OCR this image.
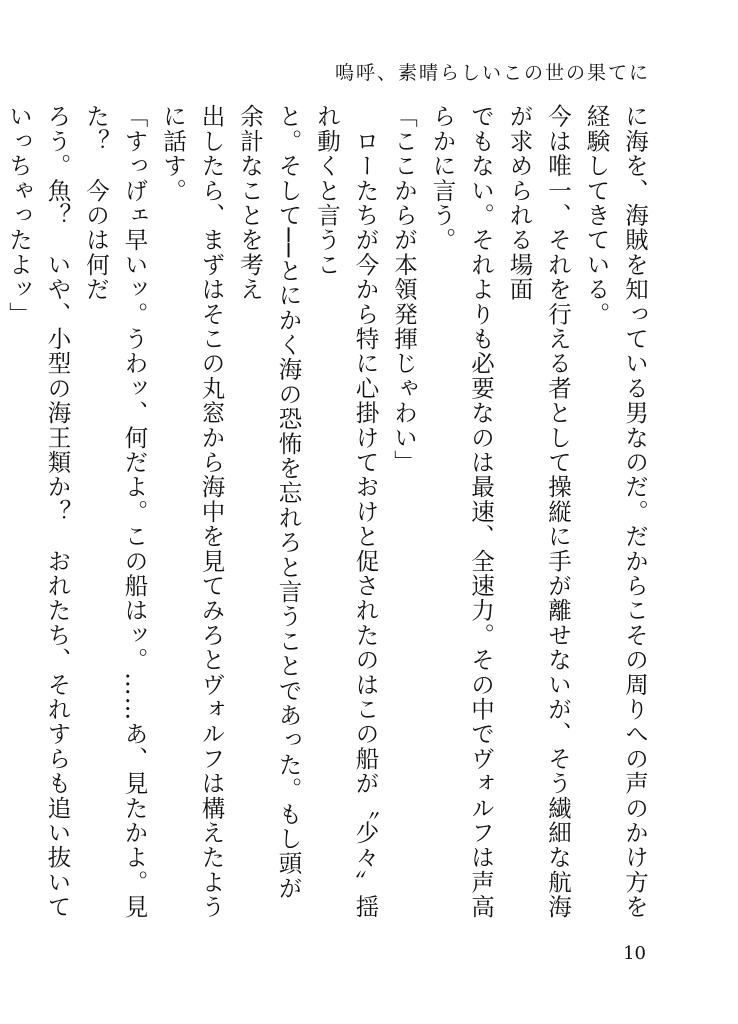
嗚呼、素晴らしいこの世の果てに

に海を、海賊を知っている男なのだ。だからこその周りへの声のかけ方を経験してきている。
今は唯一、それを行える者として操縦に手が離せないが、そう繊細な航海が求められる場面
でもない。それよりも必要なのは最速、全速力。その中でヴォルフは声高らかに言う。

「ここからが本領発揮じゃわい」

　ローたちが今から特に心掛けておけと促されたのはこの船が〝少々〟揺れ動くと言うこ
と。そして──とにかく海の恐怖を忘れろと言うことであった。もし頭が余計なことを考え
出したら、まずはそこの丸窓から海中を見てみろとヴォルフは構えたように話す。

「すっげェ早いッ。うわッ、何だよ。この船はッ。……あ、見たかよ。見た？　今のは何だ
ろう。魚？　いや、小型の海王類か？　おれたち、それすらも追い抜いていっちゃったよッ」

10
